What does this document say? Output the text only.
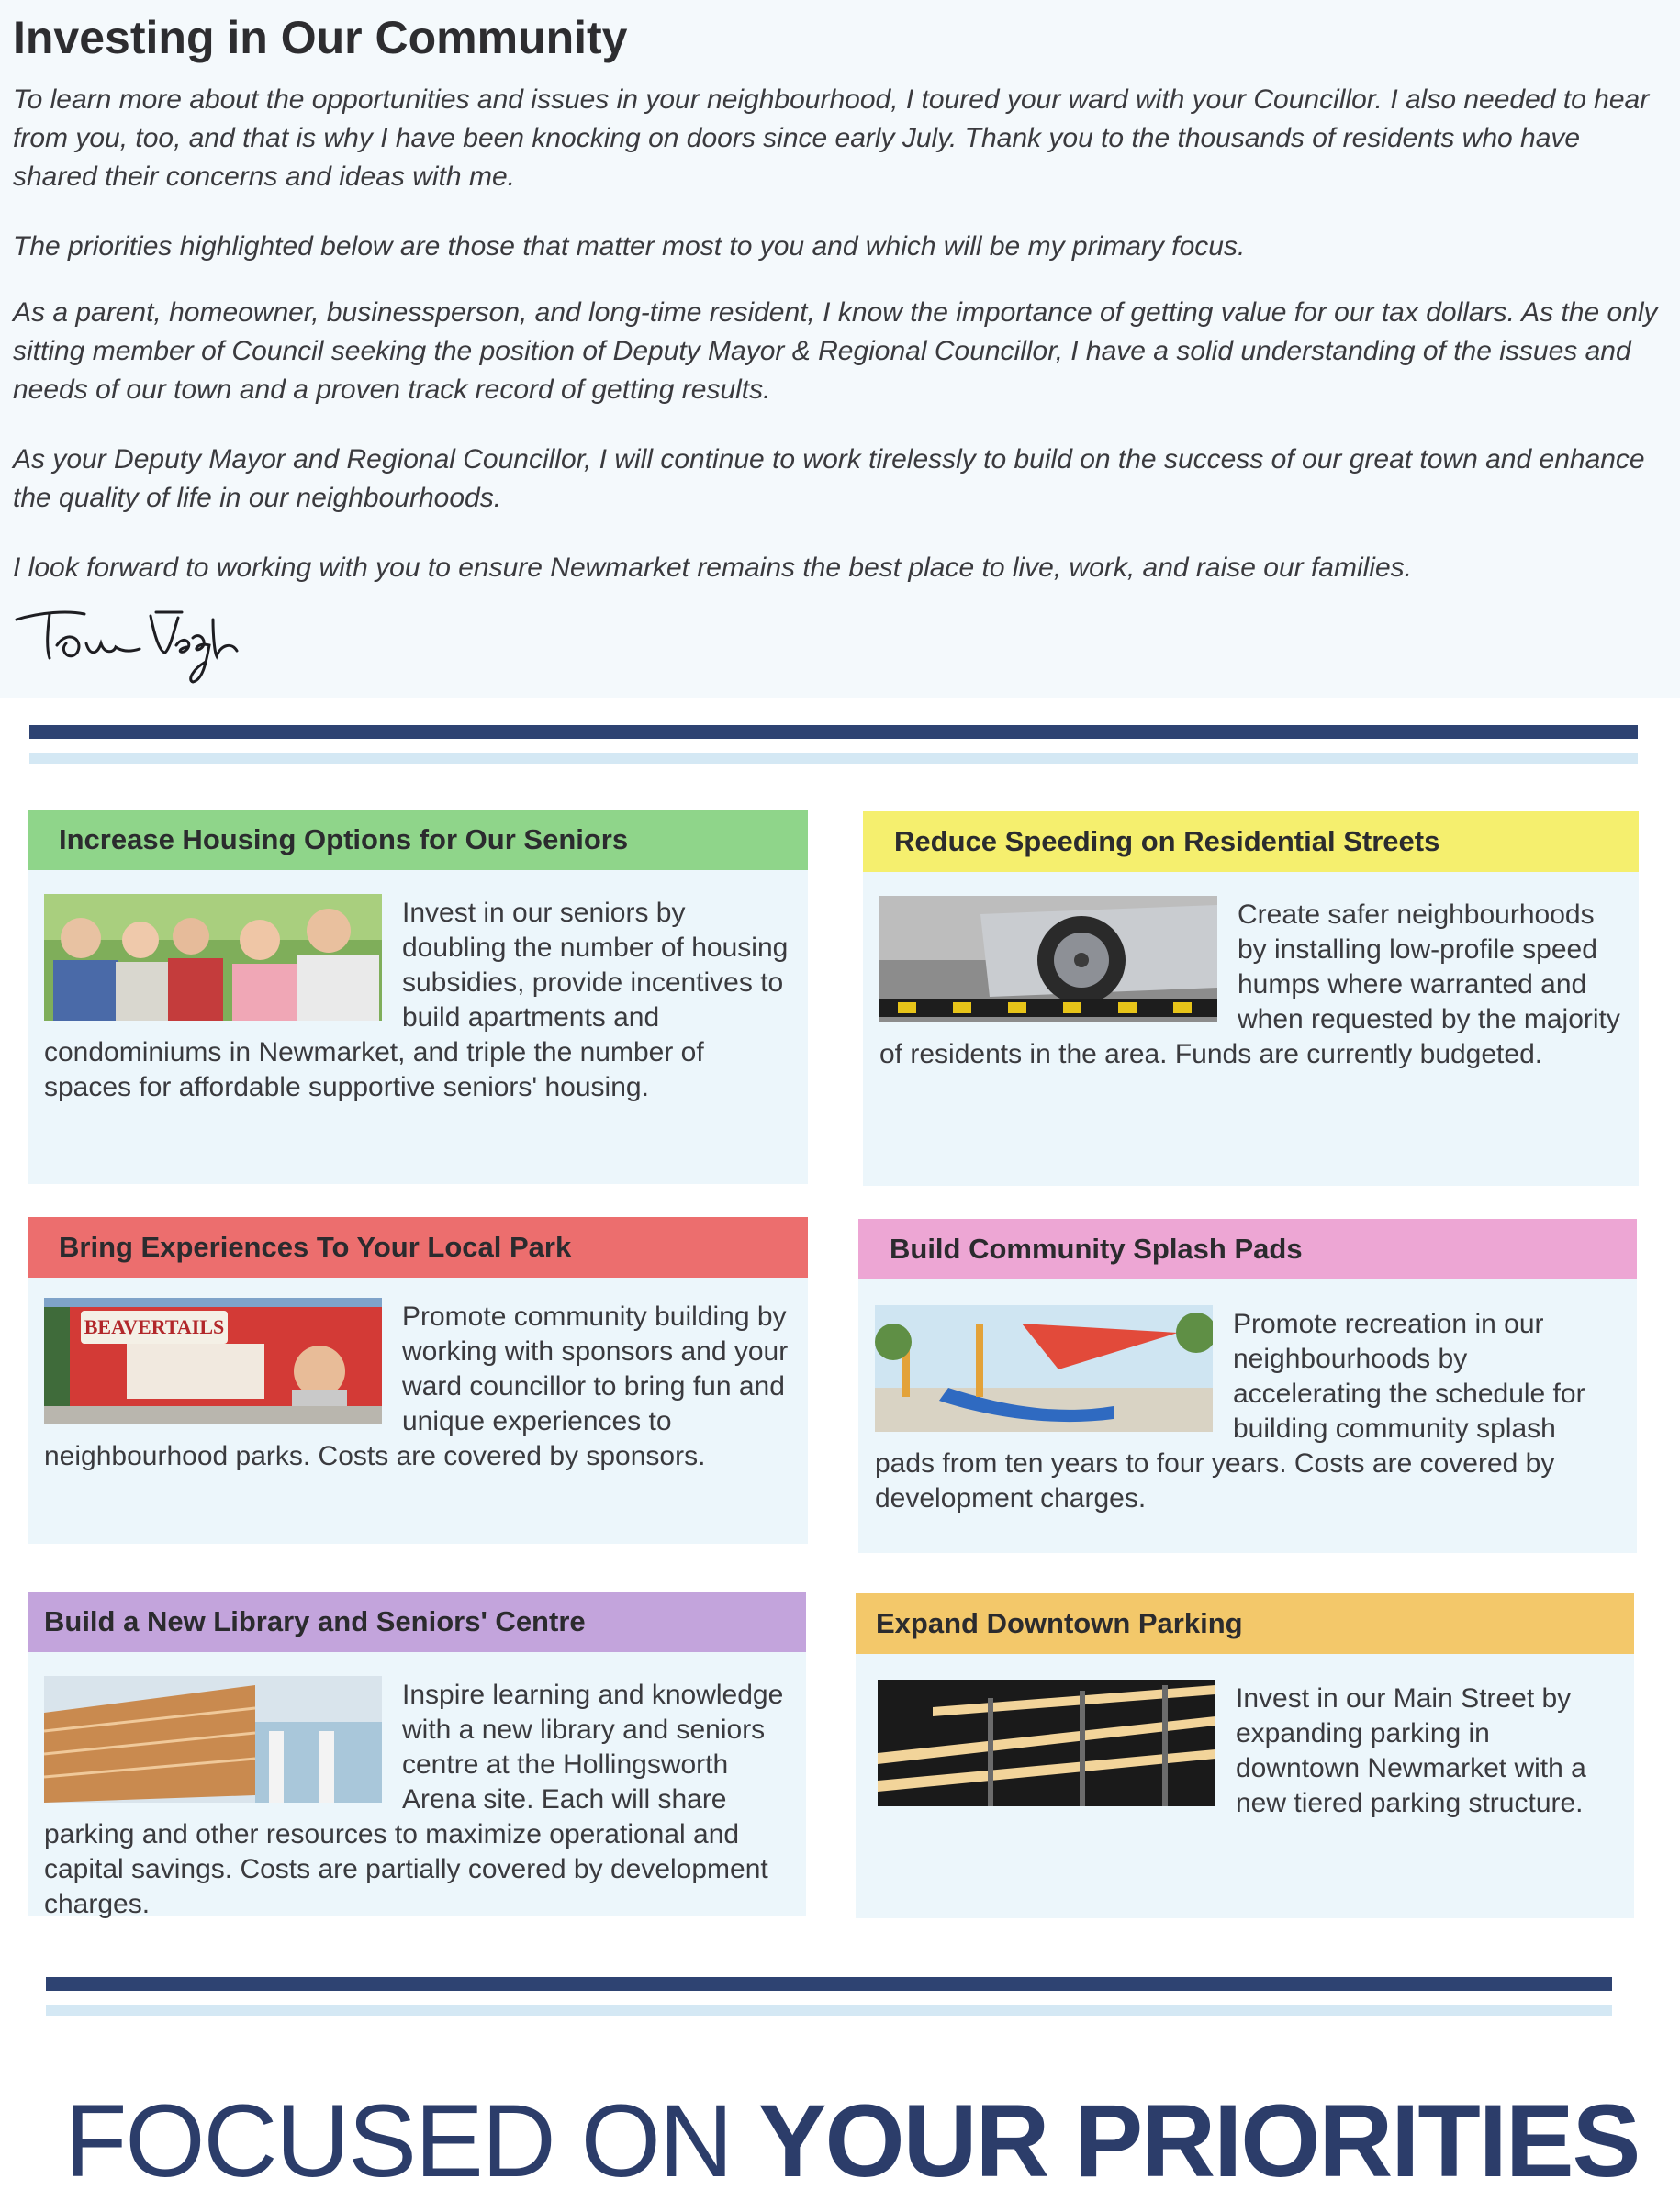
Investing in Our Community

To learn more about the opportunities and issues in your neighbourhood, I toured your ward with your Councillor. I also needed to hear from you, too, and that is why I have been knocking on doors since early July. Thank you to the thousands of residents who have shared their concerns and ideas with me.

The priorities highlighted below are those that matter most to you and which will be my primary focus.

As a parent, homeowner, businessperson, and long-time resident, I know the importance of getting value for our tax dollars. As the only sitting member of Council seeking the position of Deputy Mayor & Regional Councillor, I have a solid understanding of the issues and needs of our town and a proven track record of getting results.

As your Deputy Mayor and Regional Councillor, I will continue to work tirelessly to build on the success of our great town and enhance the quality of life in our neighbourhoods.

I look forward to working with you to ensure Newmarket remains the best place to live, work, and raise our families.

Increase Housing Options for Our Seniors

Invest in our seniors by doubling the number of housing subsidies, provide incentives to build apartments and condominiums in Newmarket, and triple the number of spaces for affordable supportive seniors' housing.

Reduce Speeding on Residential Streets

Create safer neighbourhoods by installing low-profile speed humps where warranted and when requested by the majority of residents in the area. Funds are currently budgeted.

Bring Experiences To Your Local Park
BEAVERTAILS	Promote community building by working with sponsors and your ward councillor to bring fun and unique experiences to neighbourhood parks. Costs are covered by sponsors.

Build Community Splash Pads

Promote recreation in our neighbourhoods by accelerating the schedule for building community splash pads from ten years to four years. Costs are covered by development charges.

Build a New Library and Seniors' Centre

Inspire learning and knowledge with a new library and seniors centre at the Hollingsworth Arena site. Each will share parking and other resources to maximize operational and capital savings. Costs are partially covered by development charges.

Expand Downtown Parking

Invest in our Main Street by expanding parking in downtown Newmarket with a new tiered parking structure.

FOCUSED ON YOUR PRIORITIES
